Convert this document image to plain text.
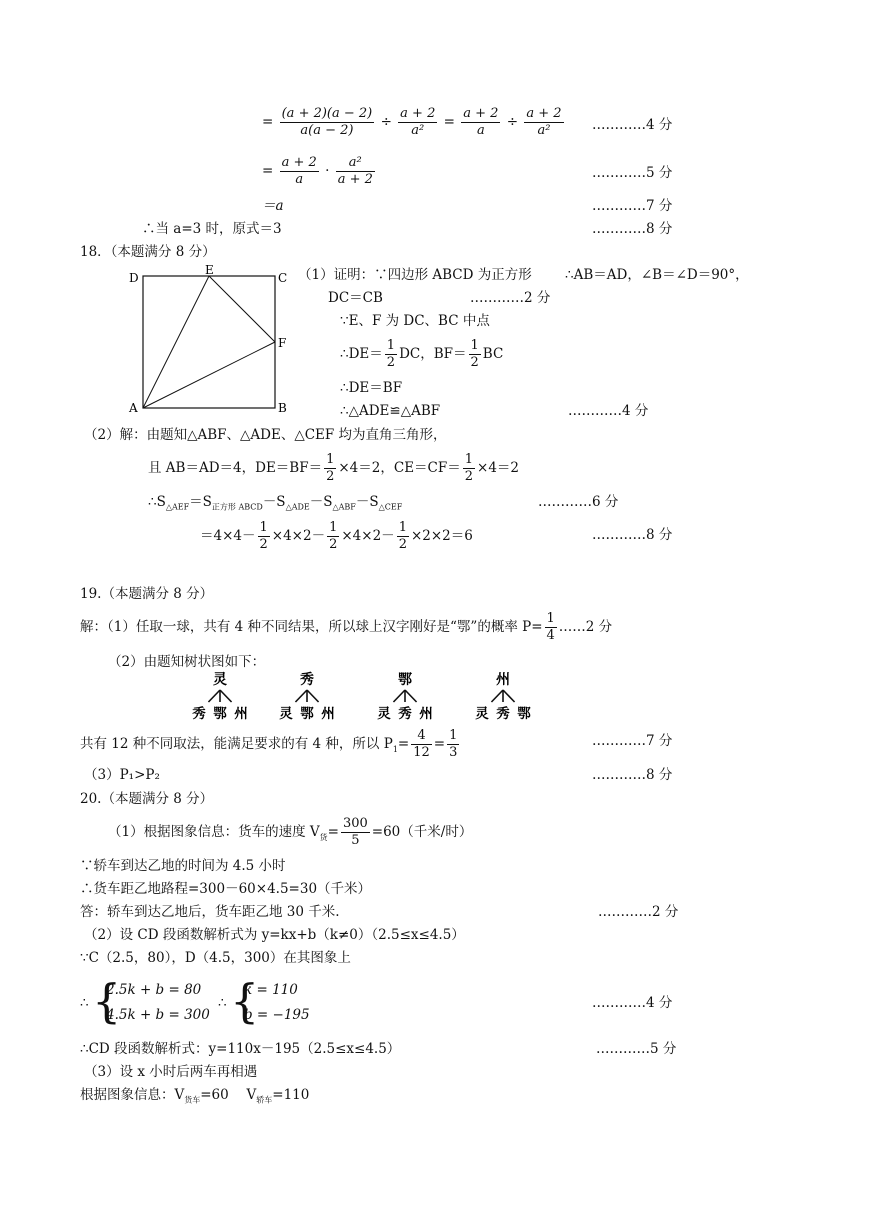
= $\frac{(a + 2)(a - 2)}{a(a - 2)} \div \frac{a + 2}{\text{a²}} = \frac{a + 2}{a} \div \frac{a + 2}{\text{a²}}$ …………4 分
= $\frac{a + 2}{a} \cdot \frac{\text{a²}}{a + 2}$	…………5 分
＝a	…………7 分
∴当 a=3 时，原式＝3	…………8 分
18．（本题满分 8 分）
D
E
C
F
A	B
（1）证明：∵四边形 ABCD 为正方形 ∴AB＝AD，∠B＝∠D＝90°，
DC＝CB	…………2 分
∵E、F 为 DC、BC 中点
∴DE＝ $\frac{1}{2}$ DC，$BF= \frac{1}{2}$ BC
∴DE＝BF
∴△ADE≌△ABF	…………4 分
（2）解：由题知△ABF、△ADE、△CEF 均为直角三角形，
且 AB＝AD＝4，$DE=BF= \frac{1}{2} \times 4=2$，$CE=CF= \frac{1}{2} \times 4=2$
$\therefore S_{\triangle AEF}=S_{正方形 ABCD}-S_{\triangle ADE}-S_{\triangle ABF}-S_{\triangle CEF}$	…………6 分
$=4\times 4- \frac{1}{2} \times 4\times 2- \frac{1}{2} \times 4\times 2- \frac{1}{2} \times 2\times 2=6$	…………8 分
19.（本题满分 8 分）
解：（1）任取一球，共有 4 种不同结果，所以球上汉字刚好是“鄂”的概率 $P= \frac{1}{4}$ ……2 分
（2）由题知树状图如下：
灵
秀 鄂 州
秀
灵 鄂 州
鄂
灵 秀 州
州
灵 秀 鄂
共有 12 种不同取法，能满足要求的有 4 种，所以 $P_1= \frac{4}{12} = \frac{1}{3}$	…………7 分
（3）P₁>P₂	…………8 分
20.（本题满分 8 分）
（1）根据图象信息：货车的速度 $V_货= \frac{300}{5} =60$（千米/时）
∵轿车到达乙地的时间为 4.5 小时
∴货车距乙地路程=300－60×4.5=30（千米）
答：轿车到达乙地后，货车距乙地 30 千米.	…………2 分
（2）设 CD 段函数解析式为 y=kx+b（k≠0）（2.5≤x≤4.5）
∵C（2.5，80），D（4.5，300）在其图象上
∴ {
2.5k + b = 80
4.5k + b = 300
∴ {
k = 110
b = −195
…………4 分
∴CD 段函数解析式：y=110x－195（2.5≤x≤4.5）	…………5 分
（3）设 x 小时后两车再相遇
根据图象信息：$V_{货车}=60$　 $V_{轿车}=110$
